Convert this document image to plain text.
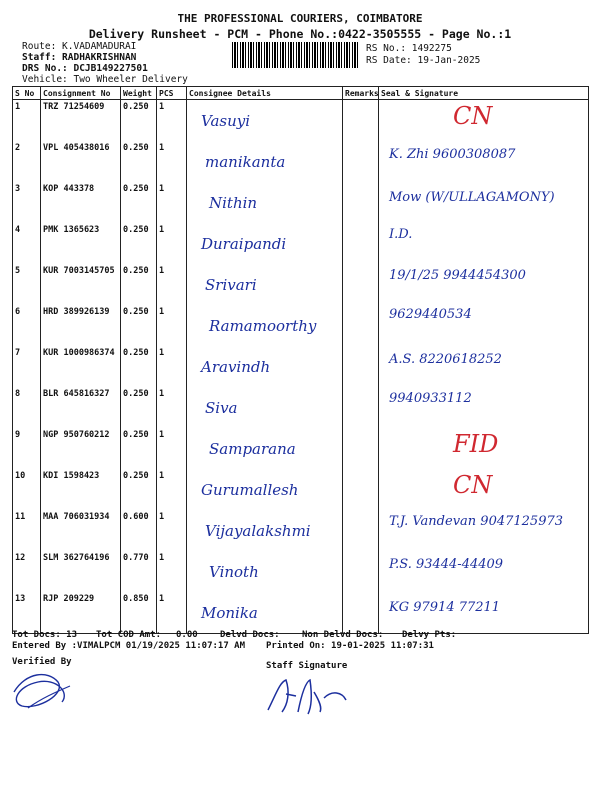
THE PROFESSIONAL COURIERS, COIMBATORE
Delivery Runsheet - PCM - Phone No.:0422-3505555 - Page No.:1
Route: K.VADAMADURAI
Staff: RADHAKRISHNAN
DRS No.: DCJB149227501
Vehicle: Two Wheeler Delivery
RS No.: 1492275
RS Date: 19-Jan-2025
S No	Consignment No	Weight	PCS	Consignee Details	Remarks	Seal & Signature
1	TRZ 71254609	0.250	1	Vasuyi		CN

2	VPL 405438016	0.250	1	manikanta		K. Zhi 9600308087

3	KOP 443378	0.250	1	Nithin		Mow (W/ULLAGAMONY)

4	PMK 1365623	0.250	1	Duraipandi		I.D.

5	KUR 7003145705	0.250	1	Srivari		19/1/25 9944454300

6	HRD 389926139	0.250	1	Ramamoorthy		9629440534

7	KUR 1000986374	0.250	1	Aravindh		A.S. 8220618252

8	BLR 645816327	0.250	1	Siva		9940933112

9	NGP 950760212	0.250	1	Samparana		FID

10	KDI 1598423	0.250	1	Gurumallesh		CN

11	MAA 706031934	0.600	1	Vijayalakshmi		T.J. Vandevan 9047125973

12	SLM 362764196	0.770	1	Vinoth		P.S. 93444-44409

13	RJP 209229	0.850	1	Monika		KG 97914 77211
Tot Docs: 13 Tot COD Amt: 0.00 Delvd Docs: Non Delvd Docs: Delvy Pts:
Entered By :VIMALPCM 01/19/2025 11:07:17 AM Printed On: 19-01-2025 11:07:31
Verified By	Staff Signature
